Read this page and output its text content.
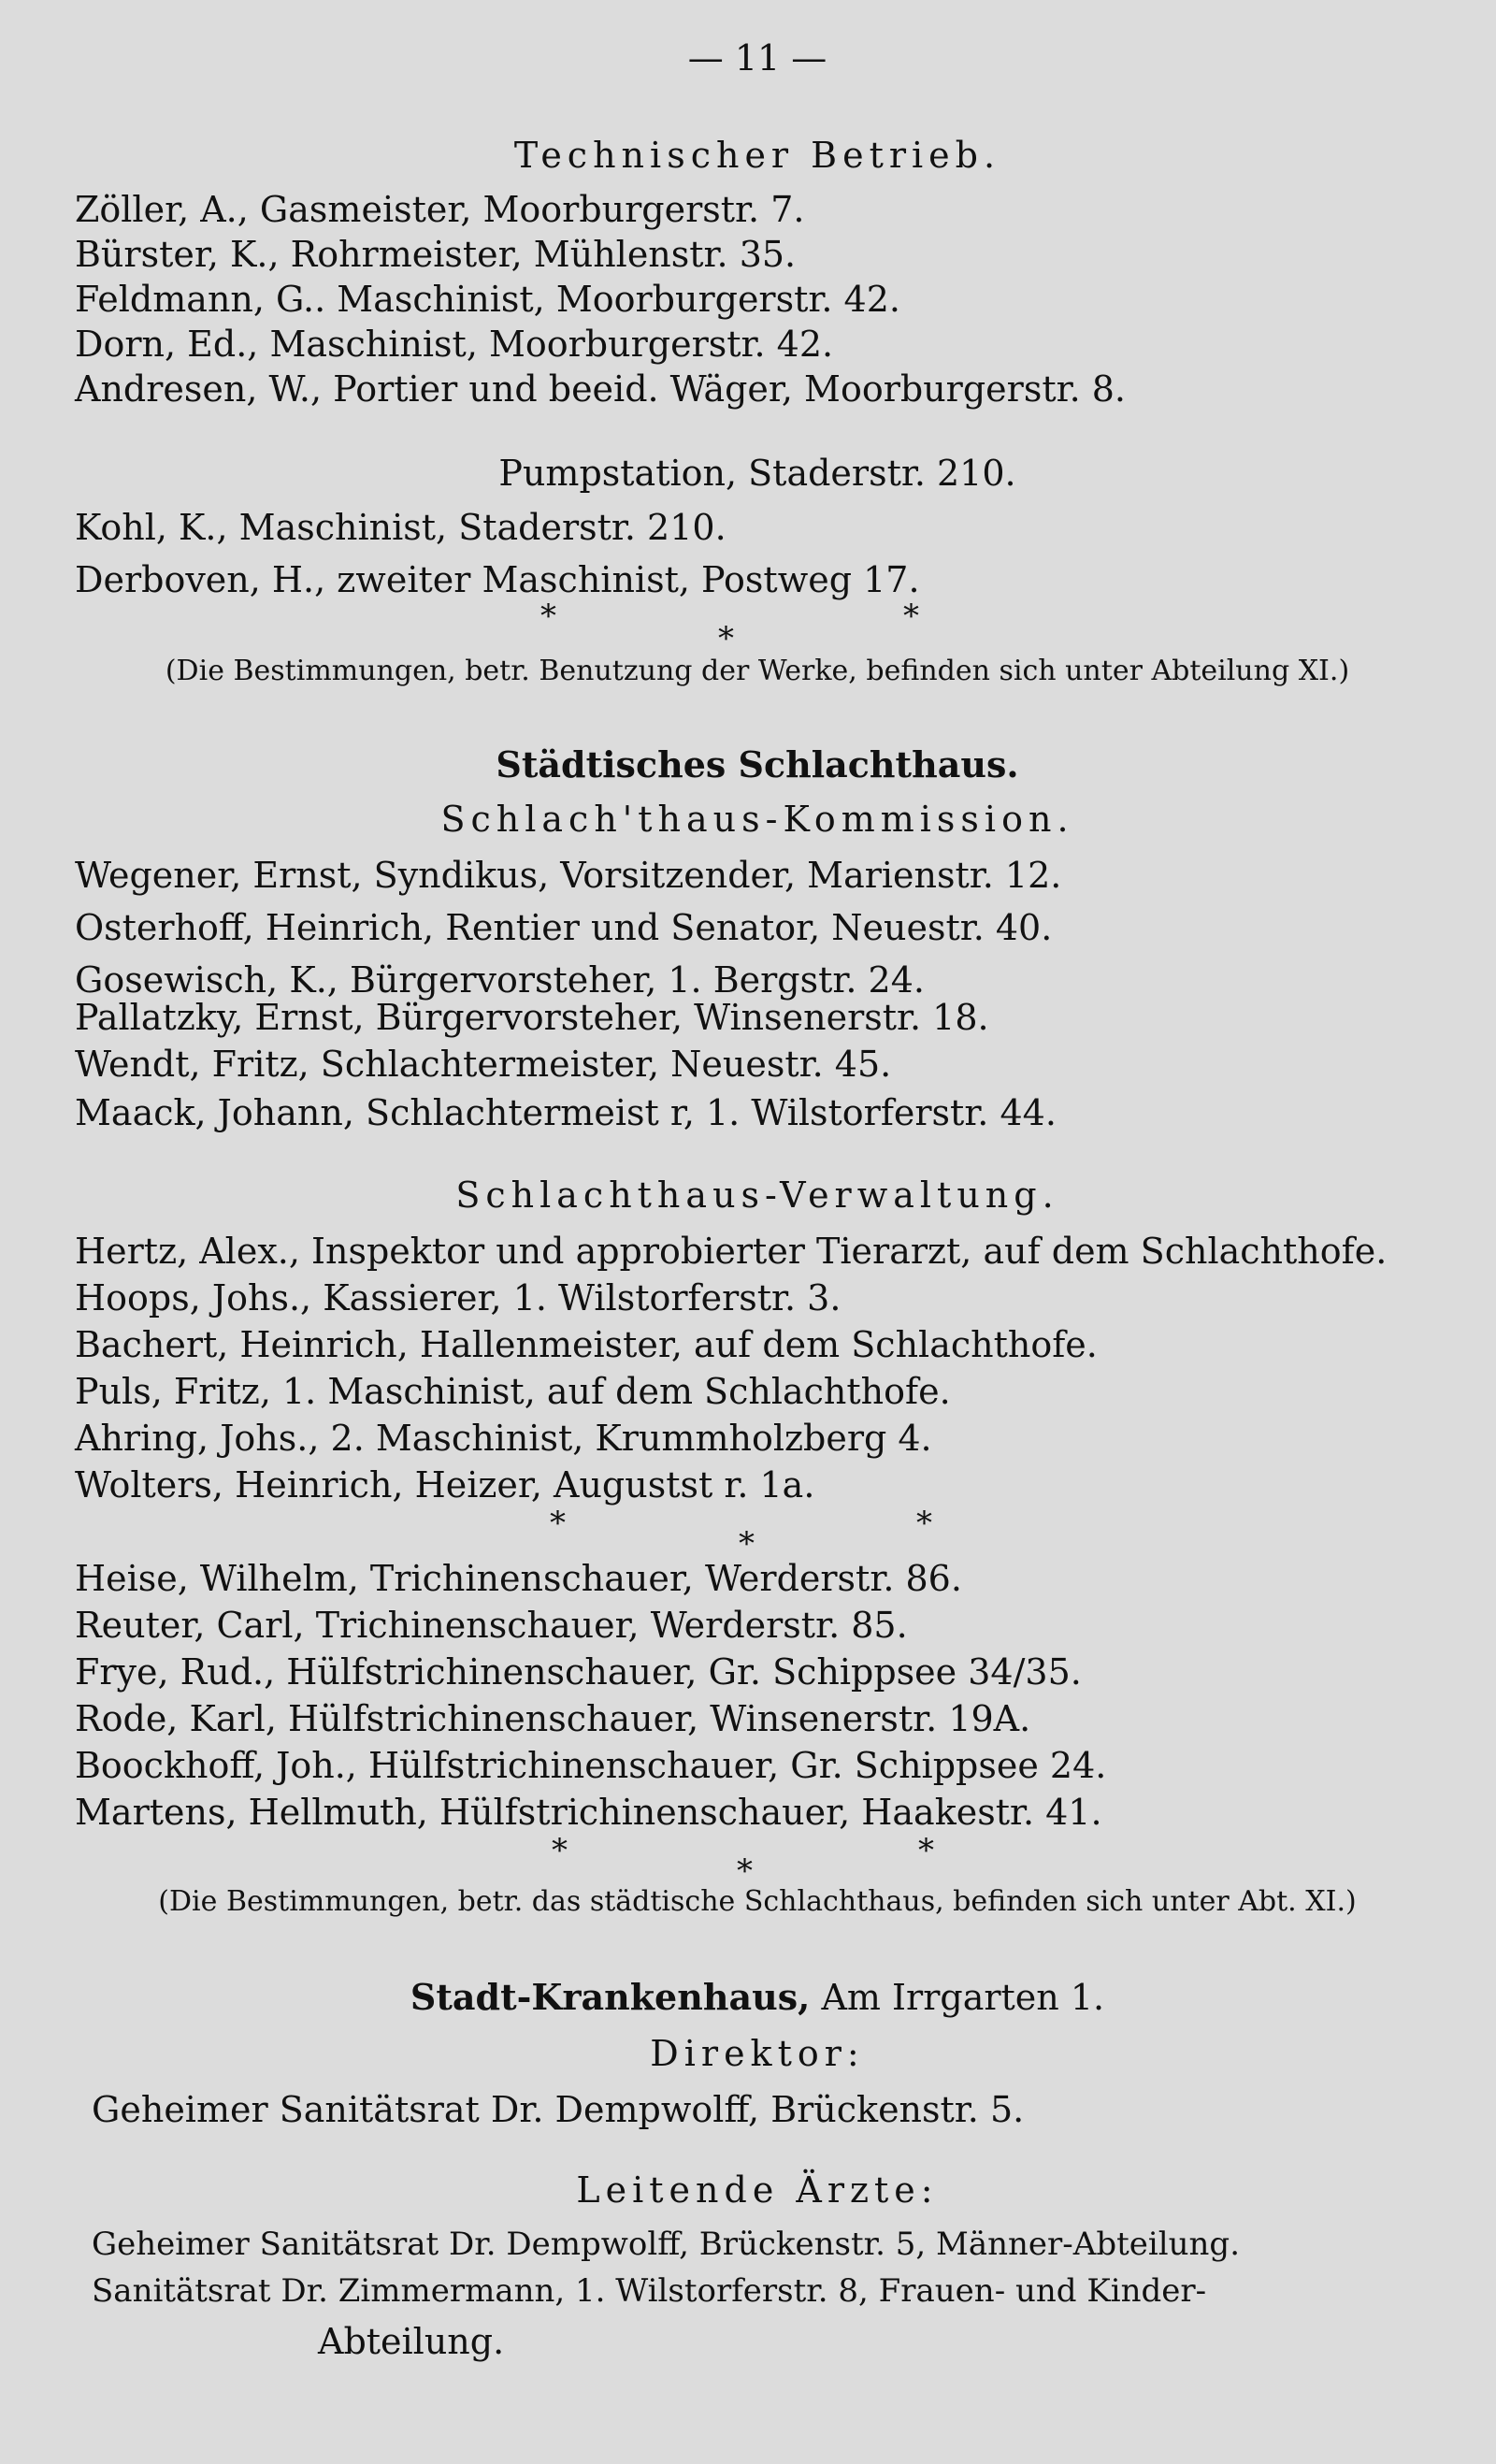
— 11 —
Technischer Betrieb.
Zöller, A., Gasmeister, Moorburgerstr. 7.
Bürster, K., Rohrmeister, Mühlenstr. 35.
Feldmann, G.. Maschinist, Moorburgerstr. 42.
Dorn, Ed., Maschinist, Moorburgerstr. 42.
Andresen, W., Portier und beeid. Wäger, Moorburgerstr. 8.
Pumpstation, Staderstr. 210.
Kohl, K., Maschinist, Staderstr. 210.
Derboven, H., zweiter Maschinist, Postweg 17.
*
*
*
(Die Bestimmungen, betr. Benutzung der Werke, befinden sich unter Abteilung XI.)
Städtisches Schlachthaus.
Schlach'thaus-Kommission.
Wegener, Ernst, Syndikus, Vorsitzender, Marienstr. 12.
Osterhoff, Heinrich, Rentier und Senator, Neuestr. 40.
Gosewisch, K., Bürgervorsteher, 1. Bergstr. 24.
Pallatzky, Ernst, Bürgervorsteher, Winsenerstr. 18.
Wendt, Fritz, Schlachtermeister, Neuestr. 45.
Maack, Johann, Schlachtermeist r, 1. Wilstorferstr. 44.
Schlachthaus-Verwaltung.
Hertz, Alex., Inspektor und approbierter Tierarzt, auf dem Schlachthofe.
Hoops, Johs., Kassierer, 1. Wilstorferstr. 3.
Bachert, Heinrich, Hallenmeister, auf dem Schlachthofe.
Puls, Fritz, 1. Maschinist, auf dem Schlachthofe.
Ahring, Johs., 2. Maschinist, Krummholzberg 4.
Wolters, Heinrich, Heizer, Augustst r. 1a.
*
*
*
Heise, Wilhelm, Trichinenschauer, Werderstr. 86.
Reuter, Carl, Trichinenschauer, Werderstr. 85.
Frye, Rud., Hülfstrichinenschauer, Gr. Schippsee 34/35.
Rode, Karl, Hülfstrichinenschauer, Winsenerstr. 19A.
Boockhoff, Joh., Hülfstrichinenschauer, Gr. Schippsee 24.
Martens, Hellmuth, Hülfstrichinenschauer, Haakestr. 41.
*
*
*
(Die Bestimmungen, betr. das städtische Schlachthaus, befinden sich unter Abt. XI.)
Stadt-Krankenhaus, Am Irrgarten 1.
Direktor:
Geheimer Sanitätsrat Dr. Dempwolff, Brückenstr. 5.
Leitende Ärzte:
Geheimer Sanitätsrat Dr. Dempwolff, Brückenstr. 5, Männer-Abteilung.
Sanitätsrat Dr. Zimmermann, 1. Wilstorferstr. 8, Frauen- und Kinder-
Abteilung.
